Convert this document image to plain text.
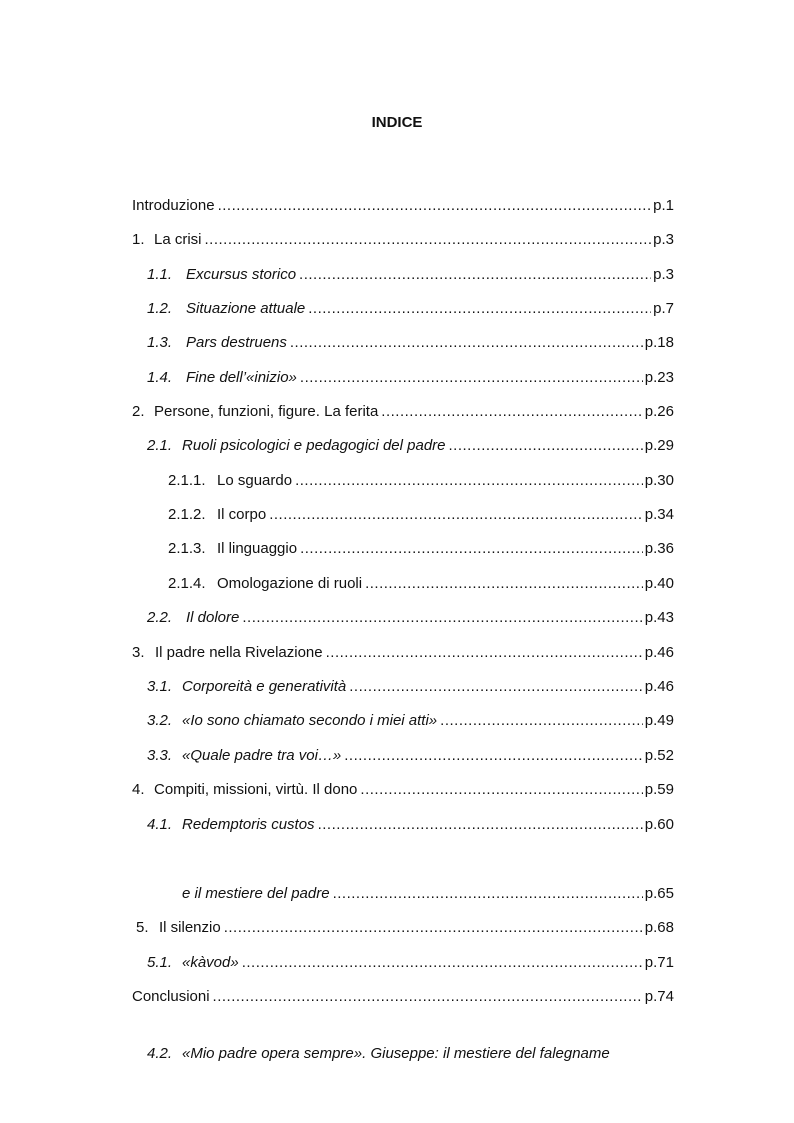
INDICE
Introduzione .....	p.1
1. La crisi .....	p.3
1.1. Excursus storico .....	p.3
1.2. Situazione attuale .....	p.7
1.3. Pars destruens .....	p.18
1.4. Fine dell’«inizio» .....	p.23
2. Persone, funzioni, figure. La ferita .....	p.26
2.1. Ruoli psicologici e pedagogici del padre .....	p.29
2.1.1. Lo sguardo .....	p.30
2.1.2. Il corpo .....	p.34
2.1.3. Il linguaggio .....	p.36
2.1.4. Omologazione di ruoli .....	p.40
2.2. Il dolore .....	p.43
3. Il padre nella Rivelazione .....	p.46
3.1. Corporeità e generatività .....	p.46
3.2. «Io sono chiamato secondo i miei atti» .....	p.49
3.3. «Quale padre tra voi…» .....	p.52
4. Compiti, missioni, virtù. Il dono .....	p.59
4.1. Redemptoris custos .....	p.60
4.2. «Mio padre opera sempre». Giuseppe: il mestiere del falegname
e il mestiere del padre .....	p.65
5. Il silenzio .....	p.68
5.1. «kàvod» .....	p.71
Conclusioni .....	p.74
